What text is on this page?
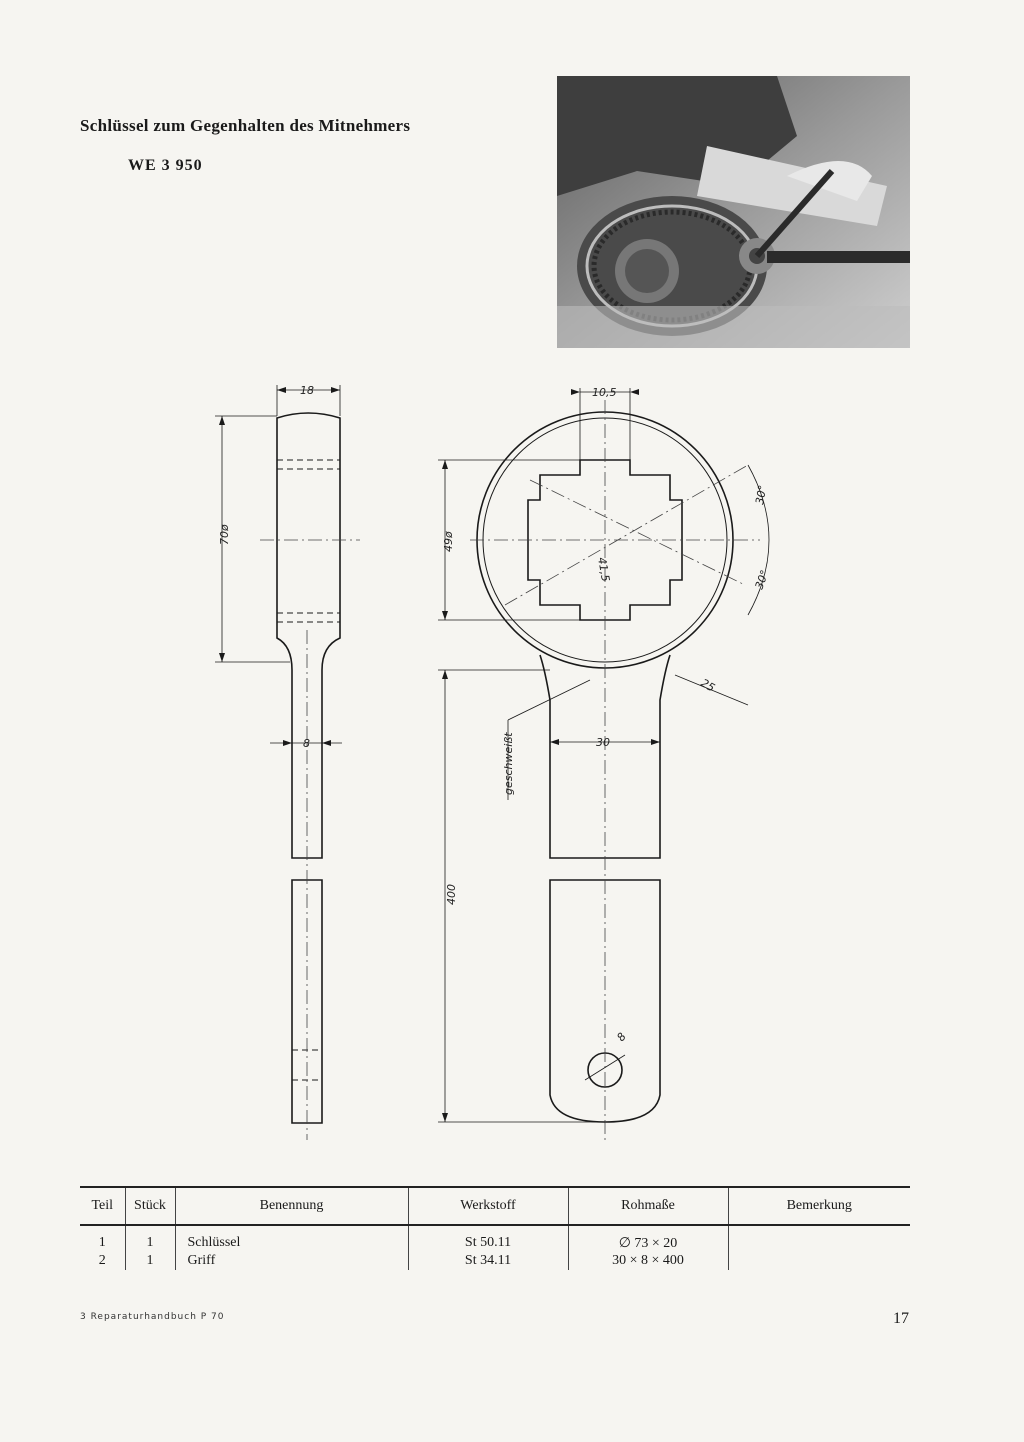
Schlüssel zum Gegenhalten des Mitnehmers
WE 3 950
18
70ø
8
10,5
49ø
41,5
30°
30°
25
30
400
8
geschweißt
Teil	Stück	Benennung	Werkstoff	Rohmaße	Bemerkung
1	1	Schlüssel	St 50.11	∅ 73 × 20	
2	1	Griff	St 34.11	30 × 8 × 400	
3 Reparaturhandbuch P 70	17
